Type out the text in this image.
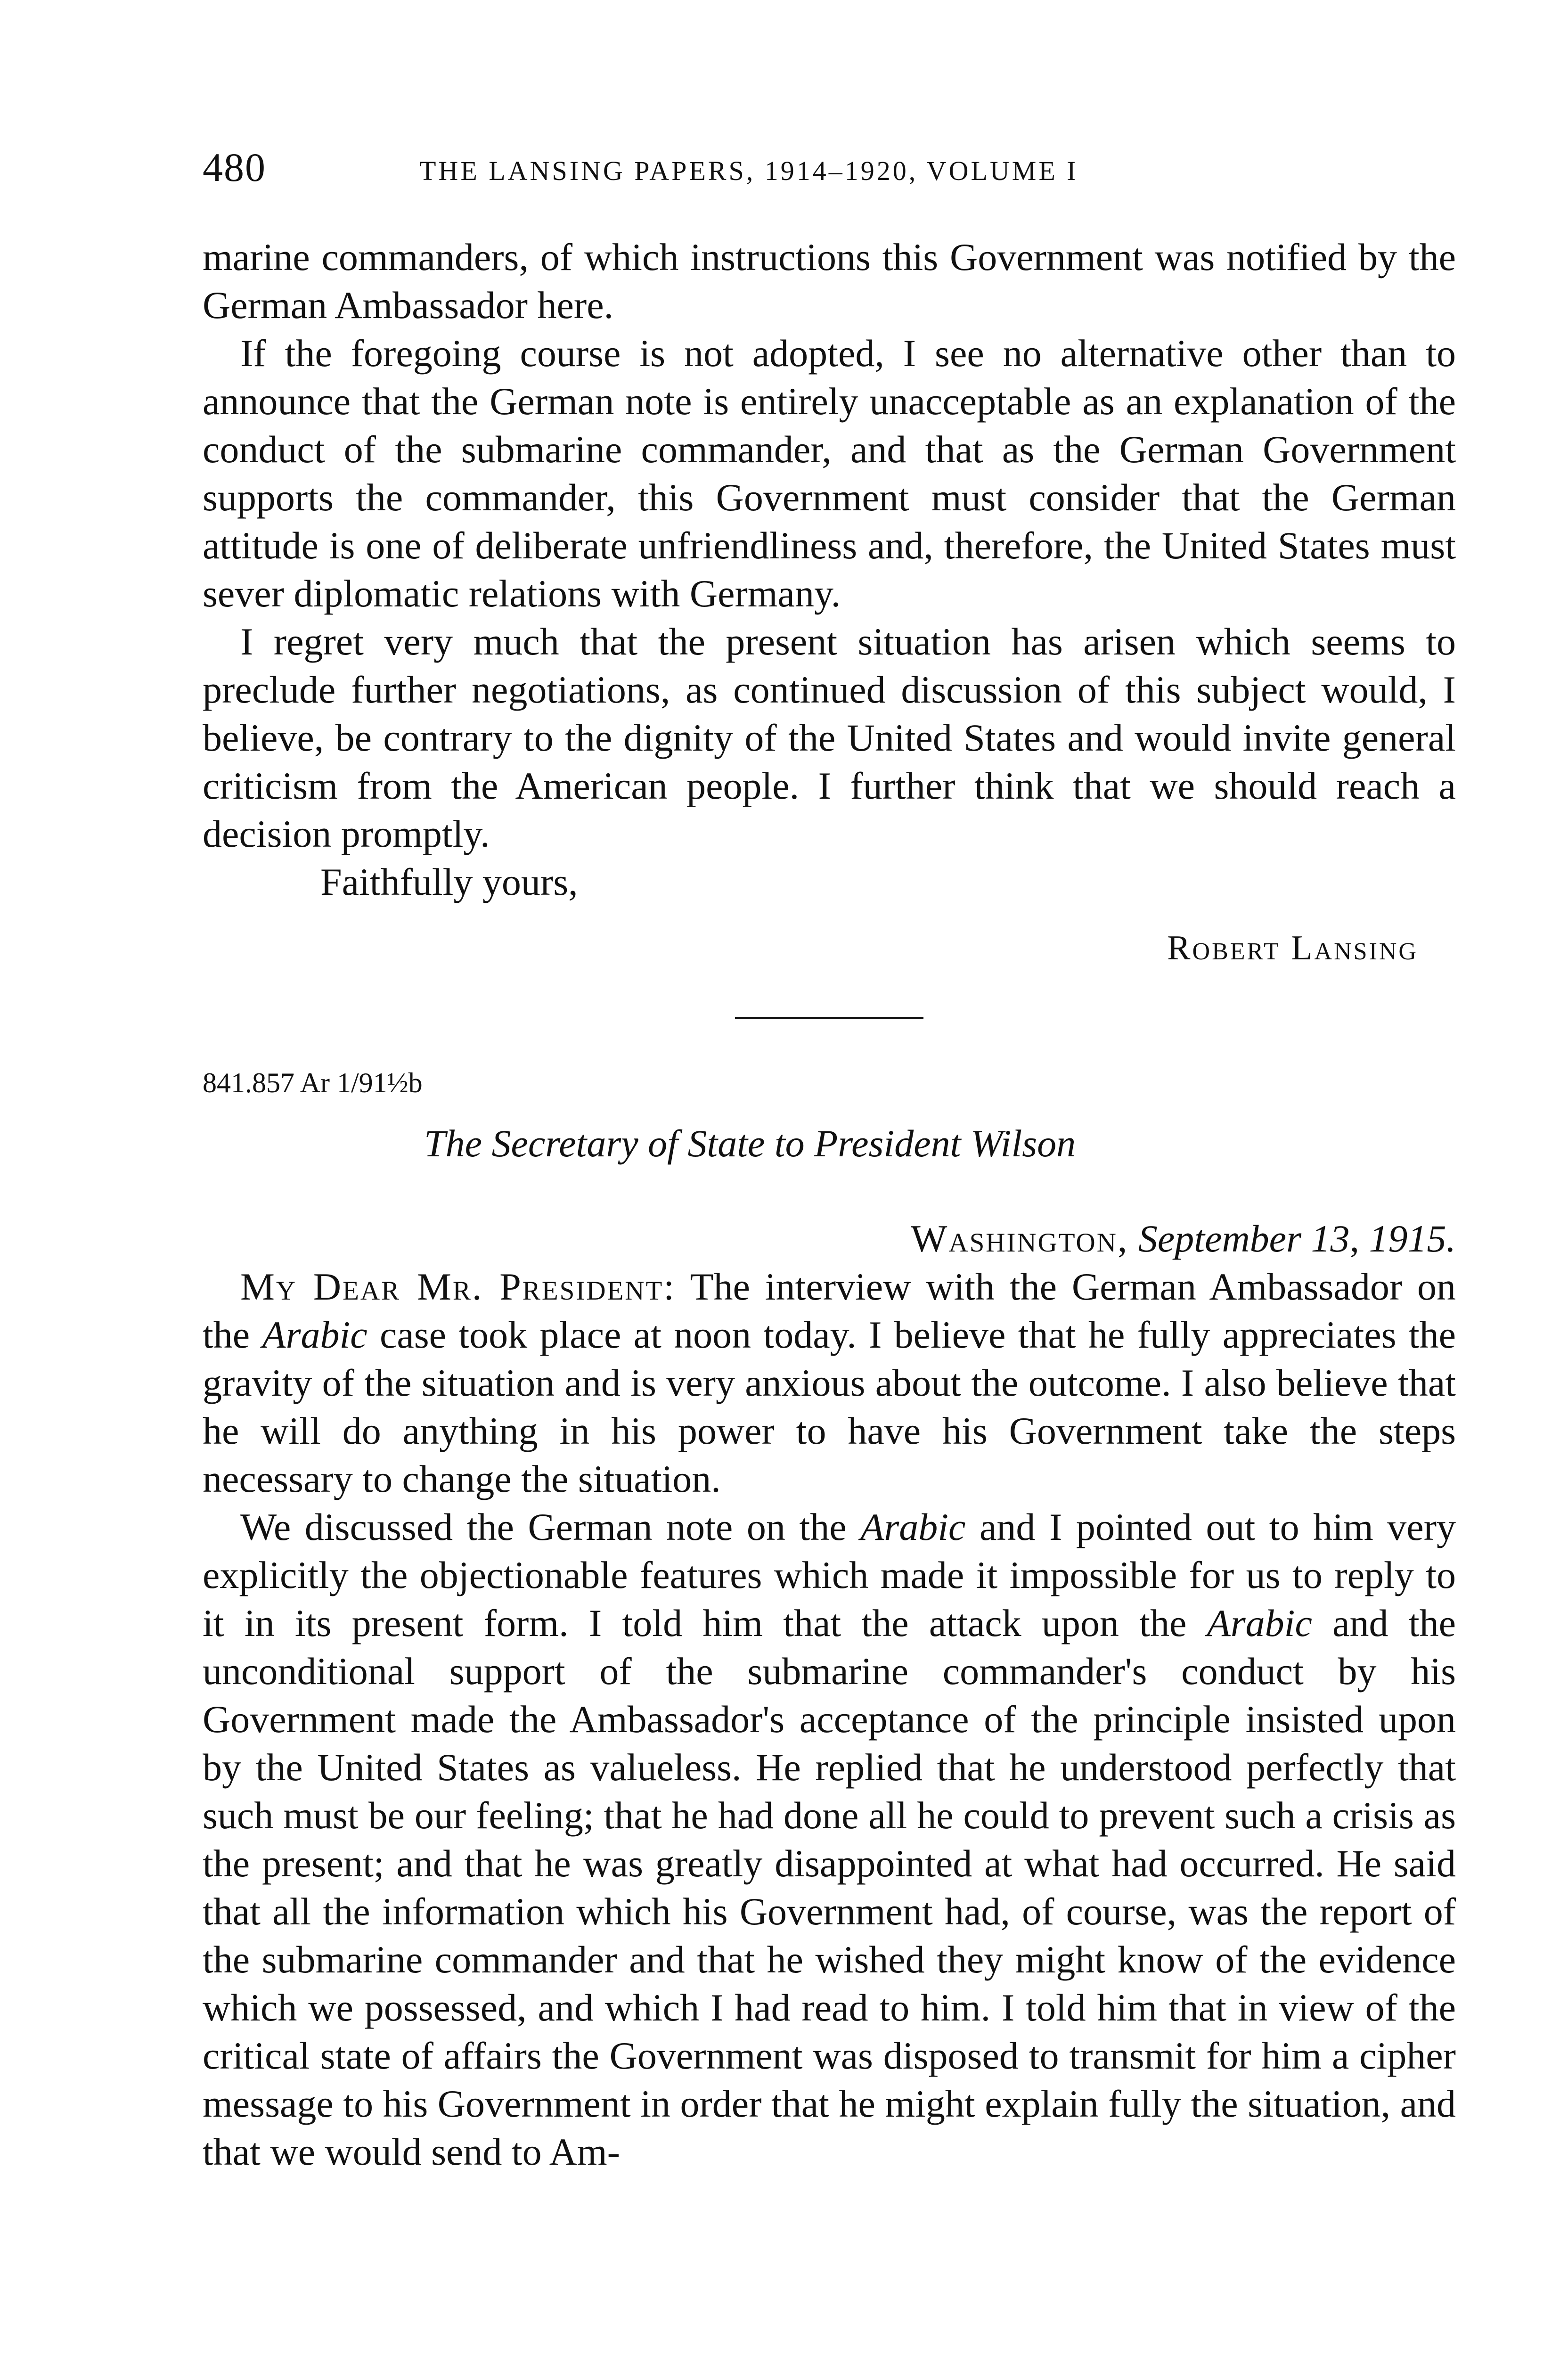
480	THE LANSING PAPERS, 1914–1920, VOLUME I

marine commanders, of which instructions this Government was notified by the German Ambassador here.

If the foregoing course is not adopted, I see no alternative other than to announce that the German note is entirely unacceptable as an explanation of the conduct of the submarine commander, and that as the German Government supports the commander, this Government must consider that the German attitude is one of deliberate unfriendliness and, therefore, the United States must sever diplomatic relations with Germany.

I regret very much that the present situation has arisen which seems to preclude further negotiations, as continued discussion of this subject would, I believe, be contrary to the dignity of the United States and would invite general criticism from the American people. I further think that we should reach a decision promptly.

Faithfully yours,

Robert Lansing

841.857 Ar 1/91½b

The Secretary of State to President Wilson

Washington, September 13, 1915.

My Dear Mr. President: The interview with the German Ambassador on the Arabic case took place at noon today. I believe that he fully appreciates the gravity of the situation and is very anxious about the outcome. I also believe that he will do anything in his power to have his Government take the steps necessary to change the situation.

We discussed the German note on the Arabic and I pointed out to him very explicitly the objectionable features which made it impossible for us to reply to it in its present form. I told him that the attack upon the Arabic and the unconditional support of the submarine commander's conduct by his Government made the Ambassador's acceptance of the principle insisted upon by the United States as valueless. He replied that he understood perfectly that such must be our feeling; that he had done all he could to prevent such a crisis as the present; and that he was greatly disappointed at what had occurred. He said that all the information which his Government had, of course, was the report of the submarine commander and that he wished they might know of the evidence which we possessed, and which I had read to him. I told him that in view of the critical state of affairs the Government was disposed to transmit for him a cipher message to his Government in order that he might explain fully the situation, and that we would send to Am-
